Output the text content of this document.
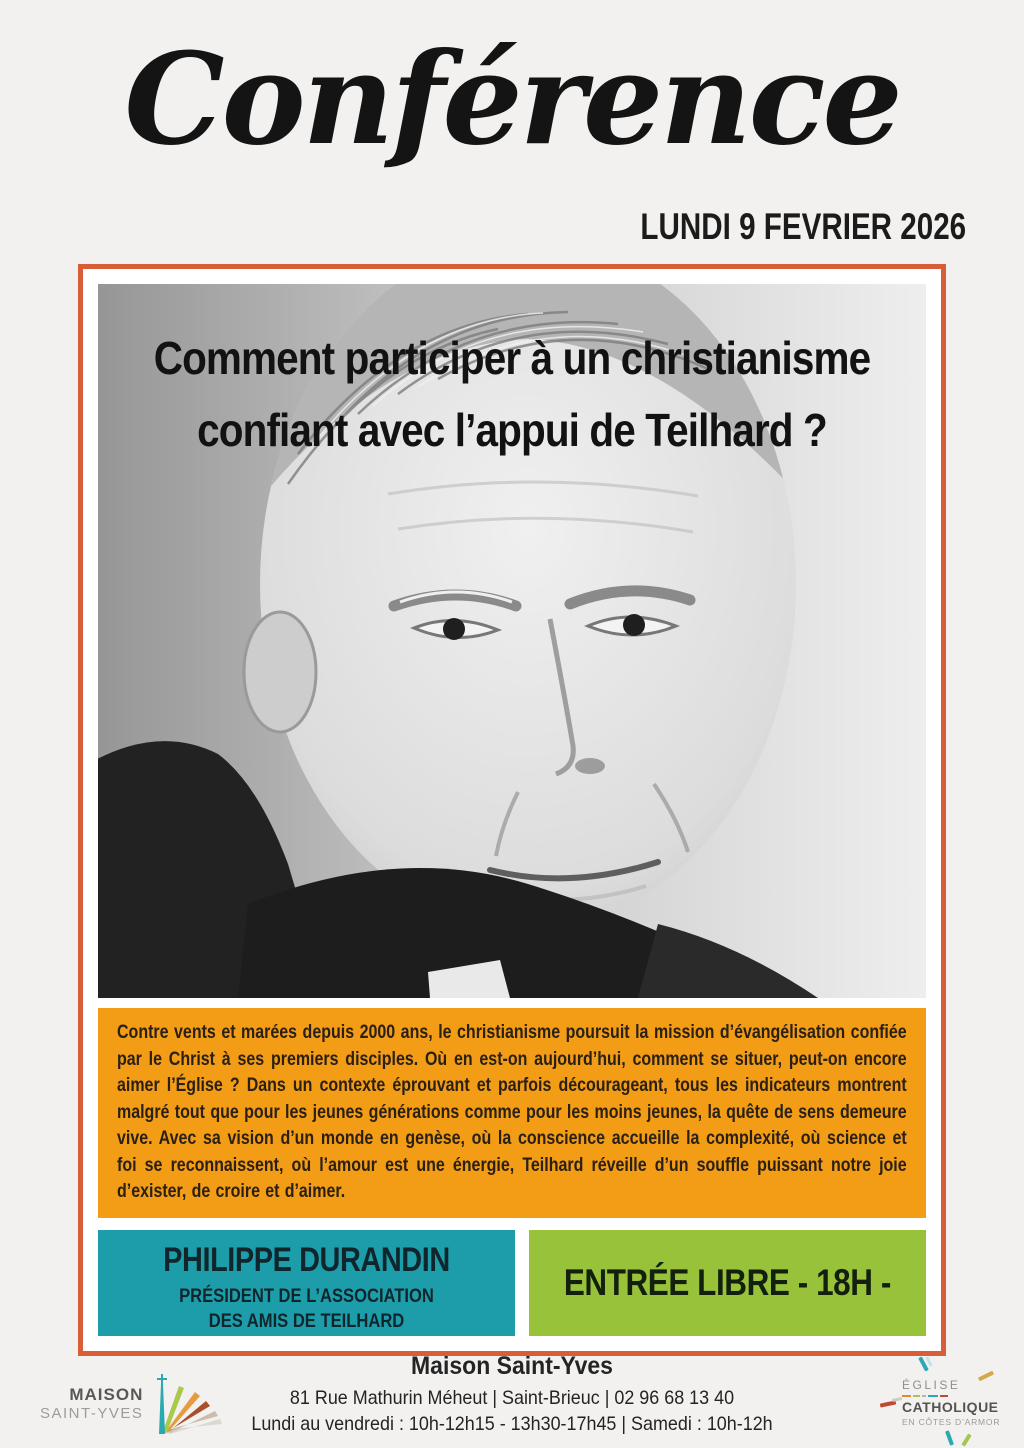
Conférence
LUNDI 9 FEVRIER 2026
Comment participer à un christianisme
confiant avec l’appui de Teilhard ?
Contre vents et marées depuis 2000 ans, le christianisme poursuit la mission d’évangélisation confiée par le Christ à ses premiers disciples. Où en est-on aujourd’hui, comment se situer, peut-on encore aimer l’Église ? Dans un contexte éprouvant et parfois décourageant, tous les indicateurs montrent malgré tout que pour les jeunes générations comme pour les moins jeunes, la quête de sens demeure vive. Avec sa vision d’un monde en genèse, où la conscience accueille la complexité, où science et foi se reconnaissent, où l’amour est une énergie, Teilhard réveille d’un souffle puissant notre joie d’exister, de croire et d’aimer.
PHILIPPE DURANDIN
PRÉSIDENT DE L’ASSOCIATION
DES AMIS DE TEILHARD
ENTRÉE LIBRE - 18H -
MAISON
SAINT-YVES
Maison Saint-Yves
81 Rue Mathurin Méheut | Saint-Brieuc | 02 96 68 13 40
Lundi au vendredi : 10h-12h15 - 13h30-17h45 | Samedi : 10h-12h
ÉGLISE
CATHOLIQUE
EN CÔTES D’ARMOR
